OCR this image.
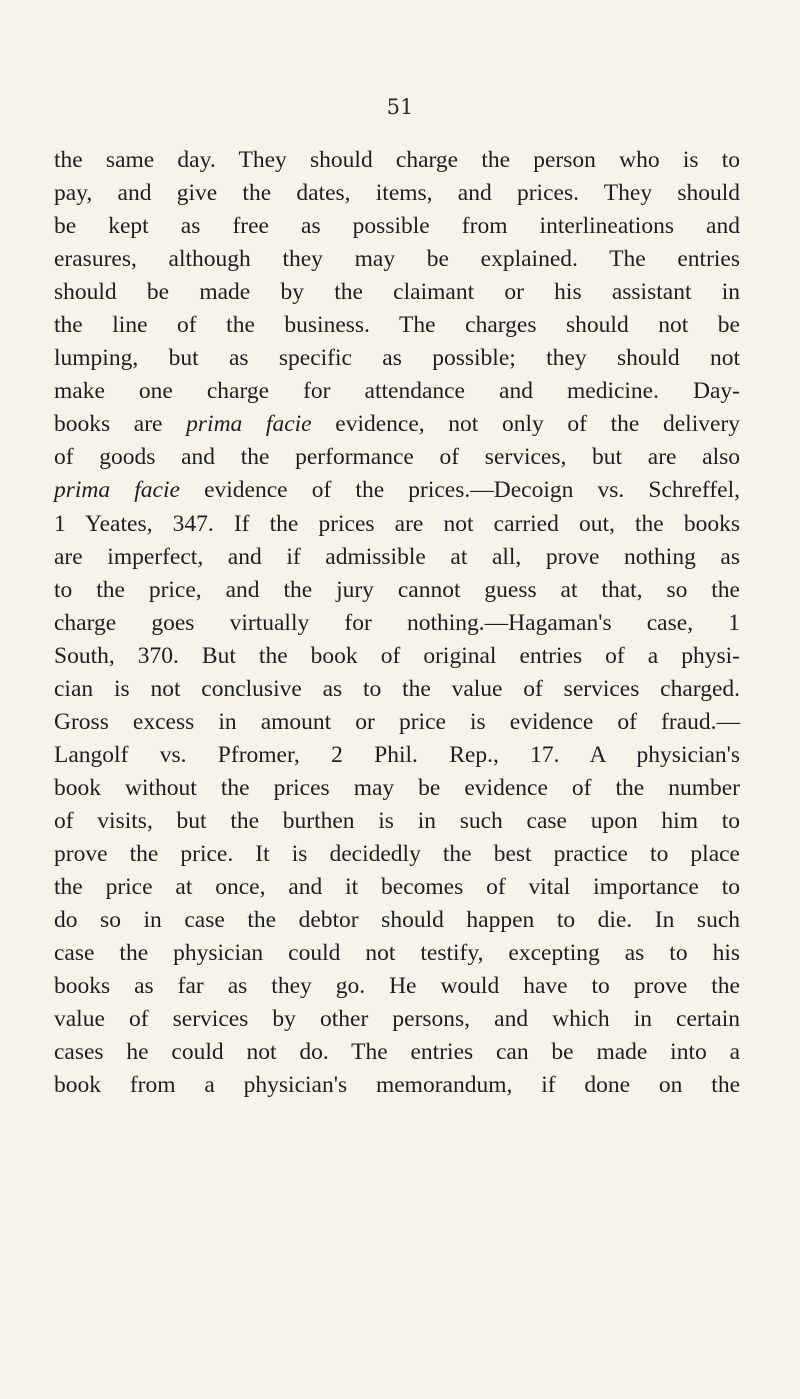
51
the same day. They should charge the person who is to
pay, and give the dates, items, and prices. They should
be kept as free as possible from interlineations and
erasures, although they may be explained. The entries
should be made by the claimant or his assistant in
the line of the business. The charges should not be
lumping, but as specific as possible; they should not
make one charge for attendance and medicine. Day-
books are prima facie evidence, not only of the delivery
of goods and the performance of services, but are also
prima facie evidence of the prices.—Decoign vs. Schreffel,
1 Yeates, 347. If the prices are not carried out, the books
are imperfect, and if admissible at all, prove nothing as
to the price, and the jury cannot guess at that, so the
charge goes virtually for nothing.—Hagaman's case, 1
South, 370. But the book of original entries of a physi-
cian is not conclusive as to the value of services charged.
Gross excess in amount or price is evidence of fraud.—
Langolf vs. Pfromer, 2 Phil. Rep., 17. A physician's
book without the prices may be evidence of the number
of visits, but the burthen is in such case upon him to
prove the price. It is decidedly the best practice to place
the price at once, and it becomes of vital importance to
do so in case the debtor should happen to die. In such
case the physician could not testify, excepting as to his
books as far as they go. He would have to prove the
value of services by other persons, and which in certain
cases he could not do. The entries can be made into a
book from a physician's memorandum, if done on the
